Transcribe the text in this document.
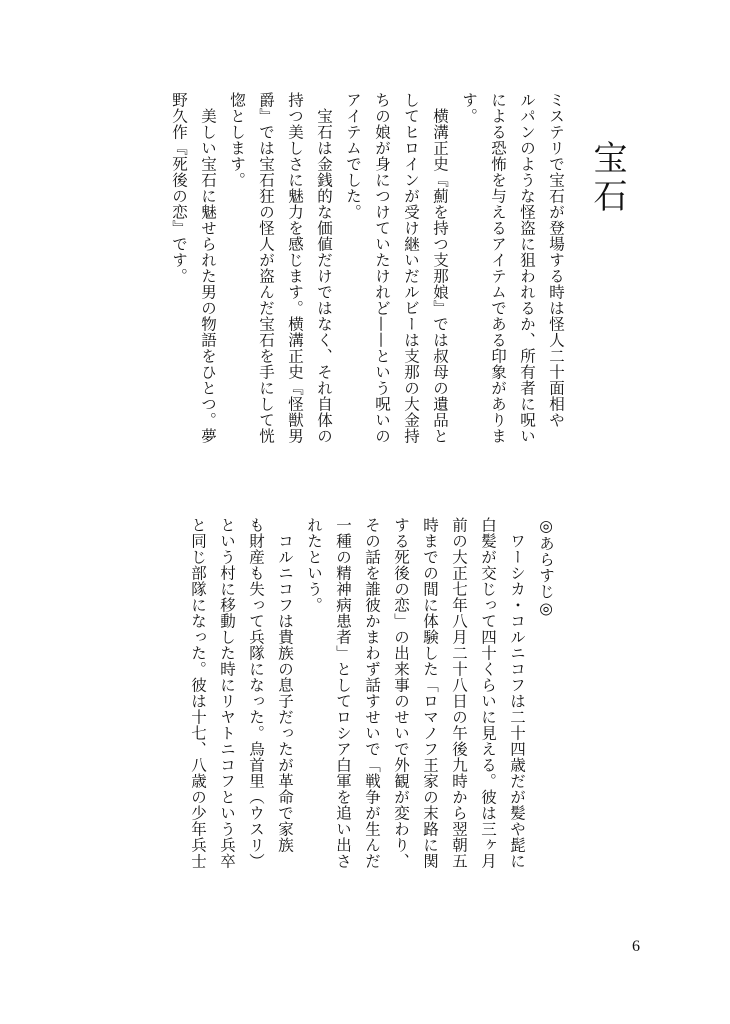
宝石
ミステリで宝石が登場する時は怪人二十面相や
ルパンのような怪盗に狙われるか、所有者に呪い
による恐怖を与えるアイテムである印象がありま
す。
　横溝正史『薊を持つ支那娘』では叔母の遺品と
してヒロインが受け継いだルビーは支那の大金持
ちの娘が身につけていたけれど——という呪いの
アイテムでした。
　宝石は金銭的な価値だけではなく、それ自体の
持つ美しさに魅力を感じます。横溝正史『怪獣男
爵』では宝石狂の怪人が盗んだ宝石を手にして恍
惚とします。
　美しい宝石に魅せられた男の物語をひとつ。夢
野久作『死後の恋』です。
◎あらすじ◎
　ワーシカ・コルニコフは二十四歳だが髪や髭に
白髪が交じって四十くらいに見える。彼は三ヶ月
前の大正七年八月二十八日の午後九時から翌朝五
時までの間に体験した「ロマノフ王家の末路に関
する死後の恋」の出来事のせいで外観が変わり、
その話を誰彼かまわず話すせいで「戦争が生んだ
一種の精神病患者」としてロシア白軍を追い出さ
れたという。
　コルニコフは貴族の息子だったが革命で家族
も財産も失って兵隊になった。烏首里（ウスリ）
という村に移動した時にリヤトニコフという兵卒
と同じ部隊になった。彼は十七、八歳の少年兵士
6
